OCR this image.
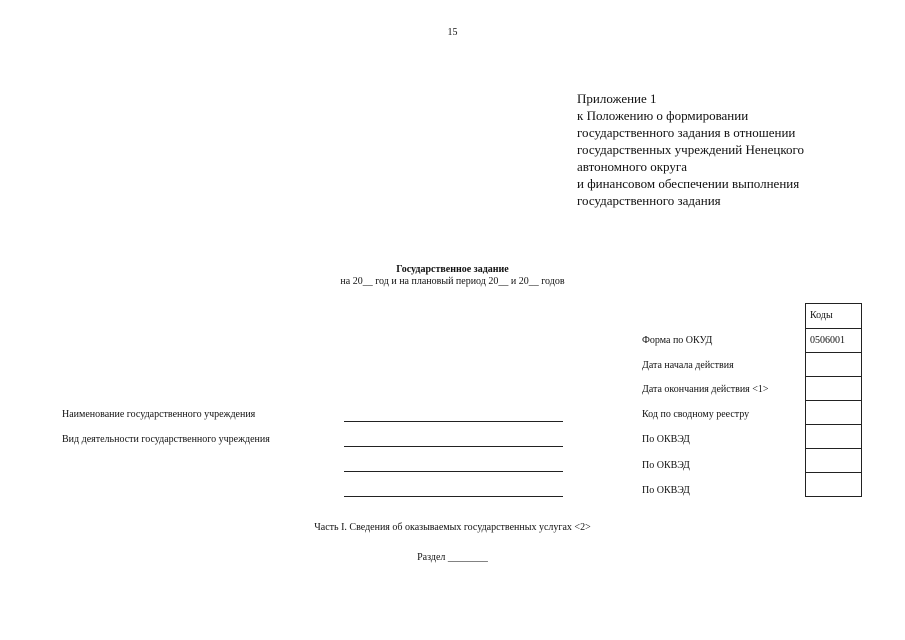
15
Приложение 1
к Положению о формировании
государственного задания в отношении
государственных учреждений Ненецкого
автономного округа
и финансовом обеспечении выполнения
государственного задания
Государственное задание
на 20__ год и на плановый период 20__ и 20__ годов
Коды
0506001
Форма по ОКУД
Дата начала действия
Дата окончания действия <1>
Код по сводному реестру
По ОКВЭД
По ОКВЭД
По ОКВЭД
Наименование государственного учреждения
Вид деятельности государственного учреждения
Часть I. Сведения об оказываемых государственных услугах <2>
Раздел ________
